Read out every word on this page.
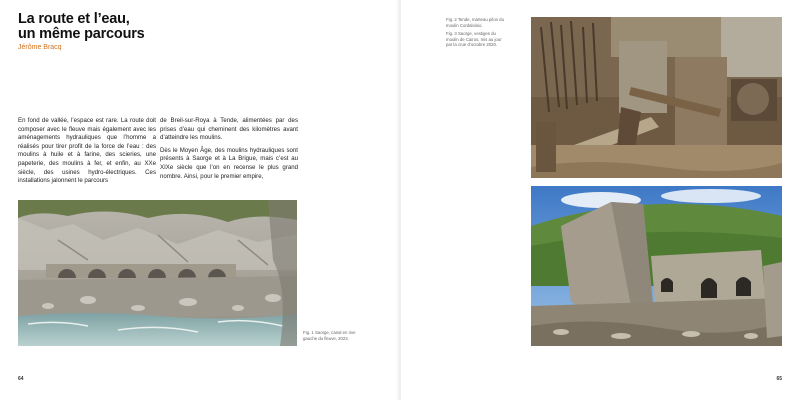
La route et l’eau,
un même parcours
Jérôme Bracq

En fond de vallée, l’espace est rare. La route doit composer avec le fleuve mais également avec les aménagements hydrauliques que l’homme a réalisés pour tirer profit de la force de l’eau : des moulins à huile et à farine, des scieries, une papeterie, des moulins à fer, et enfin, au XXe siècle, des usines hydro-électriques. Ces installations jalonnent le parcours

de Breil-sur-Roya à Tende, alimentées par des prises d’eau qui cheminent des kilomètres avant d’atteindre les moulins.

Dès le Moyen Âge, des moulins hydrauliques sont présents à Saorge et à La Brigue, mais c’est au XIXe siècle que l’on en recense le plus grand nombre. Ainsi, pour le premier empire,

Fig. 1 Saorge, canal en rive gauche du fleuve, 2023.

64

Fig. 2 Tende, marteau pilon du moulin Cordaloisio.

Fig. 3 Saorge, vestiges du moulin de Cairos, mis au jour par la crue d’octobre 2020.

65
